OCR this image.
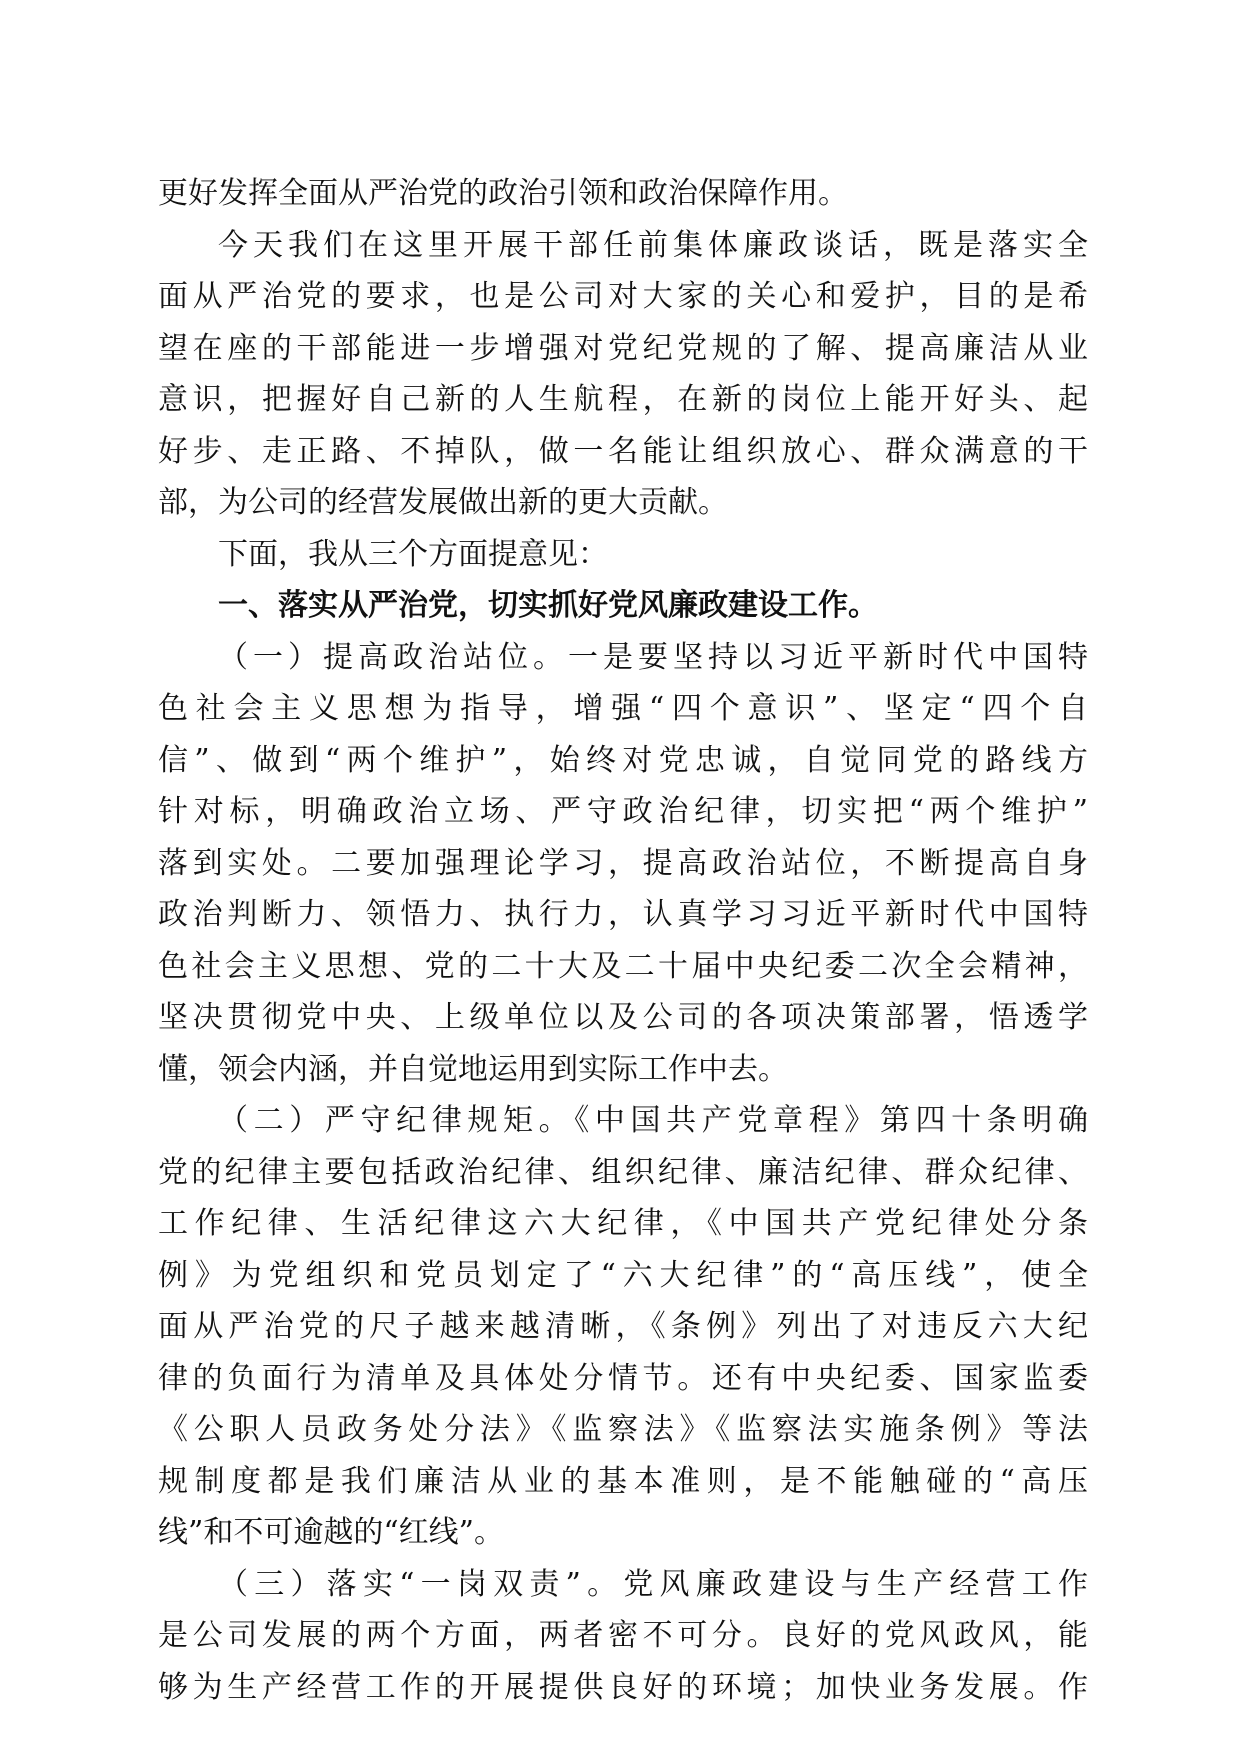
更好发挥全面从严治党的政治引领和政治保障作用。
今天我们在这里开展干部任前集体廉政谈话，既是落实全
面从严治党的要求，也是公司对大家的关心和爱护，目的是希
望在座的干部能进一步增强对党纪党规的了解、提高廉洁从业
意识，把握好自己新的人生航程，在新的岗位上能开好头、起
好步、走正路、不掉队，做一名能让组织放心、群众满意的干
部，为公司的经营发展做出新的更大贡献。
下面，我从三个方面提意见：
一、落实从严治党，切实抓好党风廉政建设工作。
（一）提高政治站位。一是要坚持以习近平新时代中国特
色社会主义思想为指导，增强“四个意识”、坚定“四个自
信”、做到“两个维护”，始终对党忠诚，自觉同党的路线方
针对标，明确政治立场、严守政治纪律，切实把“两个维护”
落到实处。二要加强理论学习，提高政治站位，不断提高自身
政治判断力、领悟力、执行力，认真学习习近平新时代中国特
色社会主义思想、党的二十大及二十届中央纪委二次全会精神，
坚决贯彻党中央、上级单位以及公司的各项决策部署，悟透学
懂，领会内涵，并自觉地运用到实际工作中去。
（二）严守纪律规矩。《中国共产党章程》第四十条明确
党的纪律主要包括政治纪律、组织纪律、廉洁纪律、群众纪律、
工作纪律、生活纪律这六大纪律，《中国共产党纪律处分条
例》为党组织和党员划定了“六大纪律”的“高压线”，使全
面从严治党的尺子越来越清晰，《条例》列出了对违反六大纪
律的负面行为清单及具体处分情节。还有中央纪委、国家监委
《公职人员政务处分法》《监察法》《监察法实施条例》等法
规制度都是我们廉洁从业的基本准则，是不能触碰的“高压
线”和不可逾越的“红线”。
（三）落实“一岗双责”。党风廉政建设与生产经营工作
是公司发展的两个方面，两者密不可分。良好的党风政风，能
够为生产经营工作的开展提供良好的环境；加快业务发展。作
